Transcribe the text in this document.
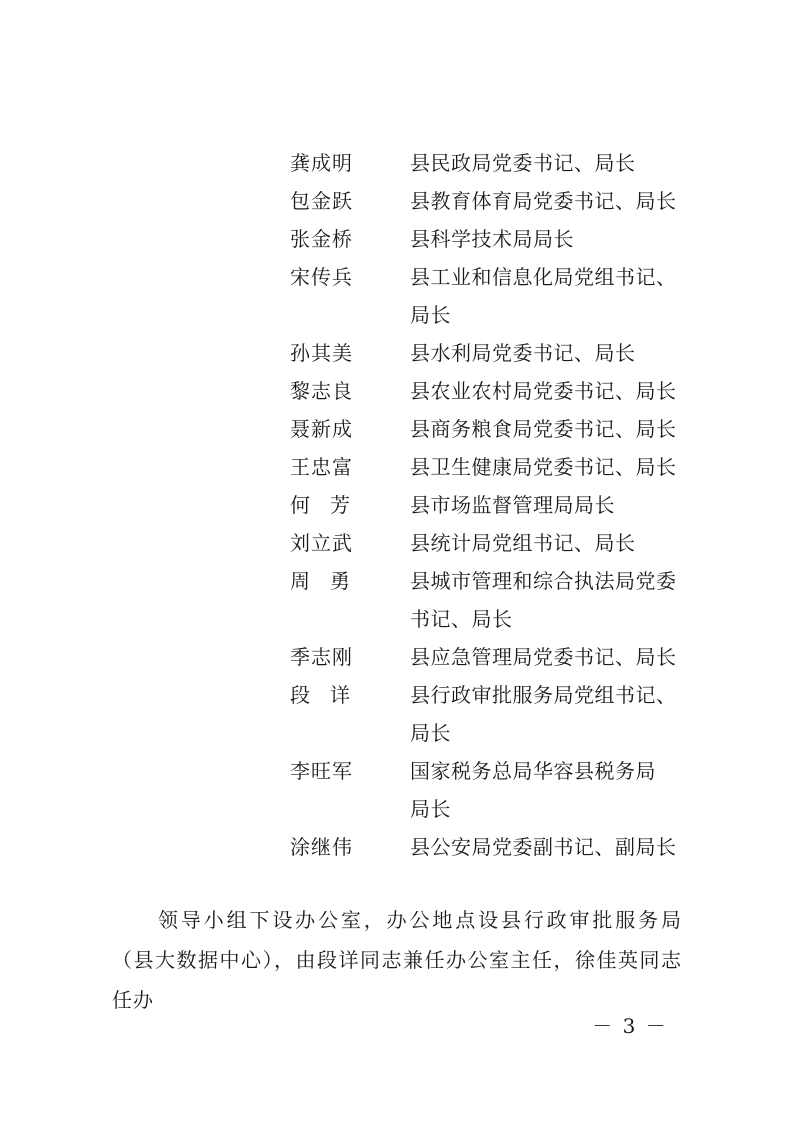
龚成明	县民政局党委书记、局长
包金跃	县教育体育局党委书记、局长
张金桥	县科学技术局局长
宋传兵	县工业和信息化局党组书记、
局长
孙其美	县水利局党委书记、局长
黎志良	县农业农村局党委书记、局长
聂新成	县商务粮食局党委书记、局长
王忠富	县卫生健康局党委书记、局长
何　芳	县市场监督管理局局长
刘立武	县统计局党组书记、局长
周　勇	县城市管理和综合执法局党委
书记、局长
季志刚	县应急管理局党委书记、局长
段　详	县行政审批服务局党组书记、
局长
李旺军	国家税务总局华容县税务局
局长
涂继伟	县公安局党委副书记、副局长
领导小组下设办公室，办公地点设县行政审批服务局（县大数据中心），由段详同志兼任办公室主任，徐佳英同志任办
－ 3 －
